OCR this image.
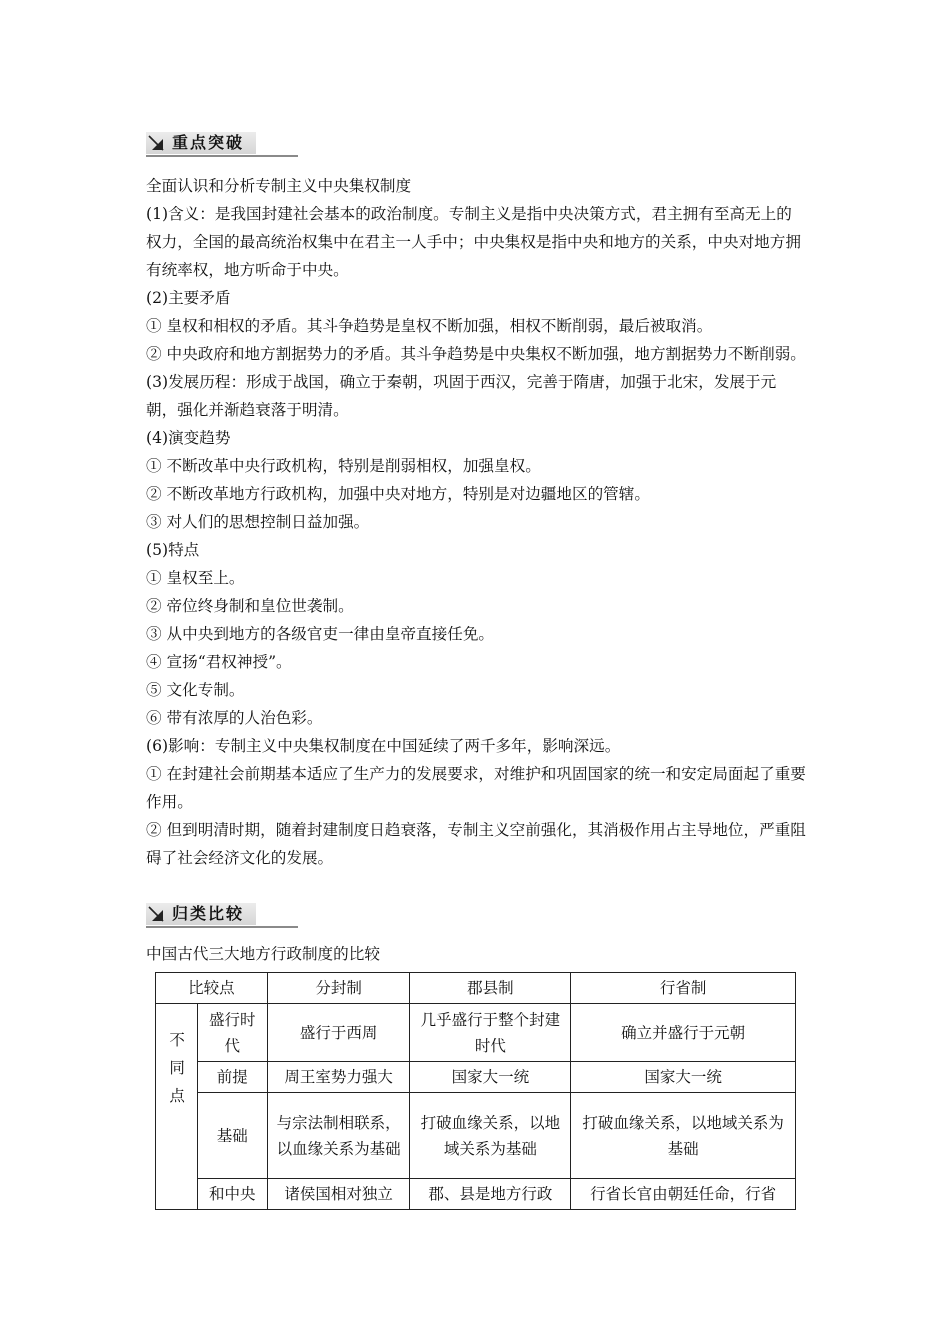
重点突破

全面认识和分析专制主义中央集权制度

(1)含义：是我国封建社会基本的政治制度。专制主义是指中央决策方式，君主拥有至高无上的权力，全国的最高统治权集中在君主一人手中；中央集权是指中央和地方的关系，中央对地方拥有统率权，地方听命于中央。

(2)主要矛盾

① 皇权和相权的矛盾。其斗争趋势是皇权不断加强，相权不断削弱，最后被取消。

② 中央政府和地方割据势力的矛盾。其斗争趋势是中央集权不断加强，地方割据势力不断削弱。

(3)发展历程：形成于战国，确立于秦朝，巩固于西汉，完善于隋唐，加强于北宋，发展于元朝，强化并渐趋衰落于明清。

(4)演变趋势

① 不断改革中央行政机构，特别是削弱相权，加强皇权。

② 不断改革地方行政机构，加强中央对地方，特别是对边疆地区的管辖。

③ 对人们的思想控制日益加强。

(5)特点

① 皇权至上。

② 帝位终身制和皇位世袭制。

③ 从中央到地方的各级官吏一律由皇帝直接任免。

④ 宣扬“君权神授”。

⑤ 文化专制。

⑥ 带有浓厚的人治色彩。

(6)影响：专制主义中央集权制度在中国延续了两千多年，影响深远。

① 在封建社会前期基本适应了生产力的发展要求，对维护和巩固国家的统一和安定局面起了重要作用。

② 但到明清时期，随着封建制度日趋衰落，专制主义空前强化，其消极作用占主导地位，严重阻碍了社会经济文化的发展。

归类比较

中国古代三大地方行政制度的比较

比较点		分封制	郡县制	行省制

不
同
点	盛行时代	盛行于西周	几乎盛行于整个封建时代	确立并盛行于元朝
	前提	周王室势力强大	国家大一统	国家大一统
	基础	与宗法制相联系，以血缘关系为基础	打破血缘关系，以地域关系为基础	打破血缘关系，以地域关系为基础
	和中央	诸侯国相对独立	郡、县是地方行政	行省长官由朝廷任命，行省
